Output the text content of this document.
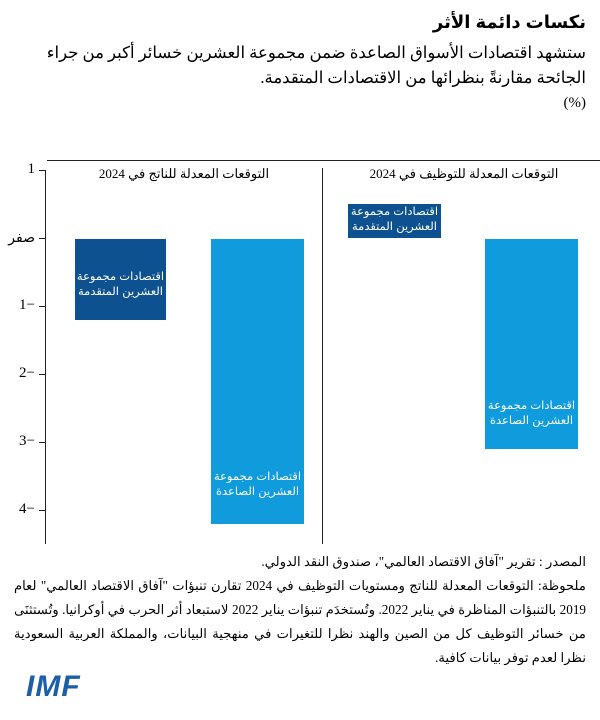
نكسات دائمة الأثر
ستشهد اقتصادات الأسواق الصاعدة ضمن مجموعة العشرين خسائر أكبر من جراء الجائحة مقارنةً بنظرائها من الاقتصادات المتقدمة.
(%)
1
صفر
1−
2−
3−
4−
التوقعات المعدلة للتوظيف في 2024
التوقعات المعدلة للناتج في 2024
اقتصادات مجموعة
العشرين المتقدمة
اقتصادات مجموعة
العشرين الصاعدة
اقتصادات مجموعة
العشرين المتقدمة
اقتصادات مجموعة
العشرين الصاعدة

المصدر : تقرير "آفاق الاقتصاد العالمي"، صندوق النقد الدولي.

ملحوظة: التوقعات المعدلة للناتج ومستويات التوظيف في 2024 تقارن تنبؤات "آفاق الاقتصاد العالمي" لعام 2019 بالتنبؤات المناظرة في يناير 2022. وتُستخدَم تنبؤات يناير 2022 لاستبعاد أثر الحرب في أوكرانيا. وتُستثنَى من خسائر التوظيف كل من الصين والهند نظرا للتغيرات في منهجية البيانات، والمملكة العربية السعودية نظرا لعدم توفر بيانات كافية.

IMF
